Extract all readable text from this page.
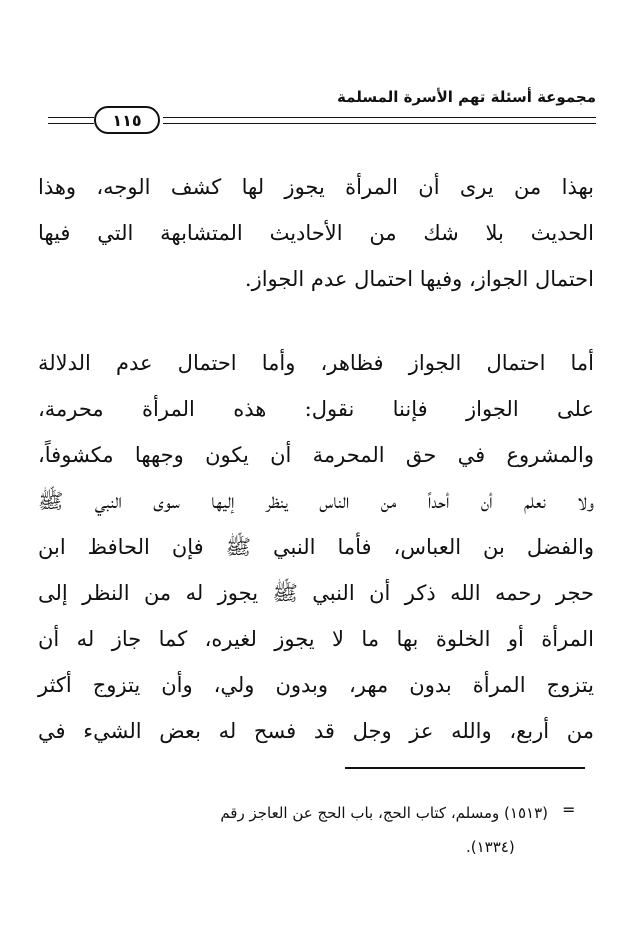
مجموعة أسئلة تهم الأسرة المسلمة
١١٥
بهذا من يرى أن المرأة يجوز لها كشف الوجه، وهذا
الحديث بلا شك من الأحاديث المتشابهة التي فيها
احتمال الجواز، وفيها احتمال عدم الجواز.
أما احتمال الجواز فظاهر، وأما احتمال عدم الدلالة
على الجواز فإننا نقول: هذه المرأة محرمة،
والمشروع في حق المحرمة أن يكون وجهها مكشوفاً،
ولا نعلم أن أحداً من الناس ينظر إليها سوى النبي ﷺ
والفضل بن العباس، فأما النبي ﷺ فإن الحافظ ابن
حجر رحمه الله ذكر أن النبي ﷺ يجوز له من النظر إلى
المرأة أو الخلوة بها ما لا يجوز لغيره، كما جاز له أن
يتزوج المرأة بدون مهر، وبدون ولي، وأن يتزوج أكثر
من أربع، والله عز وجل قد فسح له بعض الشيء في
=
(١٥١٣) ومسلم، كتاب الحج، باب الحج عن العاجز رقم
(١٣٣٤).
